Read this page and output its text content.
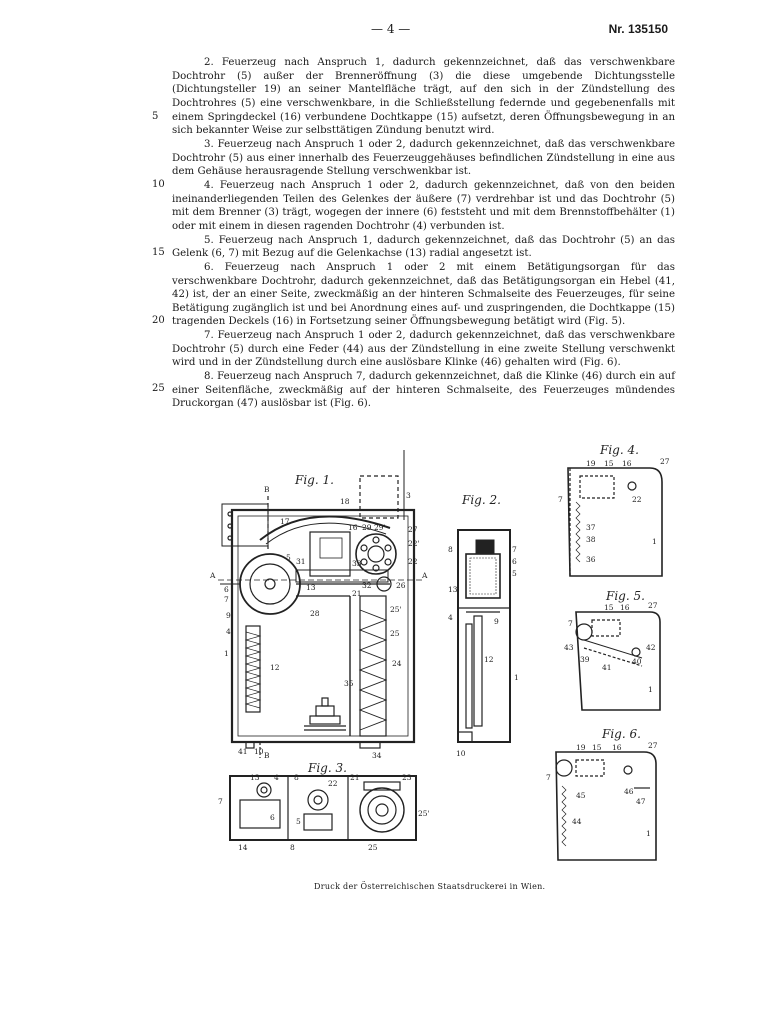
— 4 —	Nr. 135150
5
10
15
20
25

2. Feuerzeug nach Anspruch 1, dadurch gekennzeichnet, daß das verschwenkbare Dochtrohr (5) außer der Brenneröffnung (3) die diese umgebende Dichtungsstelle (Dichtungsteller 19) an seiner Mantelfläche trägt, auf den sich in der Zündstellung des Dochtrohres (5) eine verschwenkbare, in die Schließstellung federnde und gegebenenfalls mit einem Springdeckel (16) verbundene Dochtkappe (15) aufsetzt, deren Öffnungsbewegung in an sich bekannter Weise zur selbsttätigen Zündung benutzt wird.

3. Feuerzeug nach Anspruch 1 oder 2, dadurch gekennzeichnet, daß das verschwenkbare Dochtrohr (5) aus einer innerhalb des Feuerzeuggehäuses befindlichen Zündstellung in eine aus dem Gehäuse herausragende Stellung verschwenkbar ist.

4. Feuerzeug nach Anspruch 1 oder 2, dadurch gekennzeichnet, daß von den beiden ineinanderliegenden Teilen des Gelenkes der äußere (7) verdrehbar ist und das Dochtrohr (5) mit dem Brenner (3) trägt, wogegen der innere (6) feststeht und mit dem Brennstoffbehälter (1) oder mit einem in diesen ragenden Dochtrohr (4) verbunden ist.

5. Feuerzeug nach Anspruch 1, dadurch gekennzeichnet, daß das Dochtrohr (5) an das Gelenk (6, 7) mit Bezug auf die Gelenkachse (13) radial angesetzt ist.

6. Feuerzeug nach Anspruch 1 oder 2 mit einem Betätigungsorgan für das verschwenkbare Dochtrohr, dadurch gekennzeichnet, daß das Betätigungsorgan ein Hebel (41, 42) ist, der an einer Seite, zweckmäßig an der hinteren Schmalseite des Feuerzeuges, für seine Betätigung zugänglich ist und bei Anordnung eines auf- und zuspringenden, die Dochtkappe (15) tragenden Deckels (16) in Fortsetzung seiner Öffnungsbewegung betätigt wird (Fig. 5).

7. Feuerzeug nach Anspruch 1 oder 2, dadurch gekennzeichnet, daß das verschwenkbare Dochtrohr (5) durch eine Feder (44) aus der Zündstellung in eine zweite Stellung verschwenkt wird und in der Zündstellung durch eine auslösbare Klinke (46) gehalten wird (Fig. 6).

8. Feuerzeug nach Anspruch 7, dadurch gekennzeichnet, daß die Klinke (46) durch ein auf einer Seitenfläche, zweckmäßig auf der hinteren Schmalseite, des Feuerzeuges mündendes Druckorgan (47) auslösbar ist (Fig. 6).

Fig. 1.
Fig. 2.
Fig. 3.
Fig. 4.
Fig. 5.
Fig. 6.
B
17
18
3
16 29 29'	27
A
6
7
9
4
1
12
28
21
22
26
A
25'
25
24
35
41 B	34
10
31	33
32
22'
5
13
8	7
6
13
4
5
9
12
1
10
13 4 8
7
6	5
21	23
25'
14	8	25
22
19 15 16	27
7	22
37
38
36
1
15 16 27
7
43
41
40
42
39
1
19 15 16	27
7
45	46
47
44
1
Druck der Österreichischen Staatsdruckerei in Wien.
